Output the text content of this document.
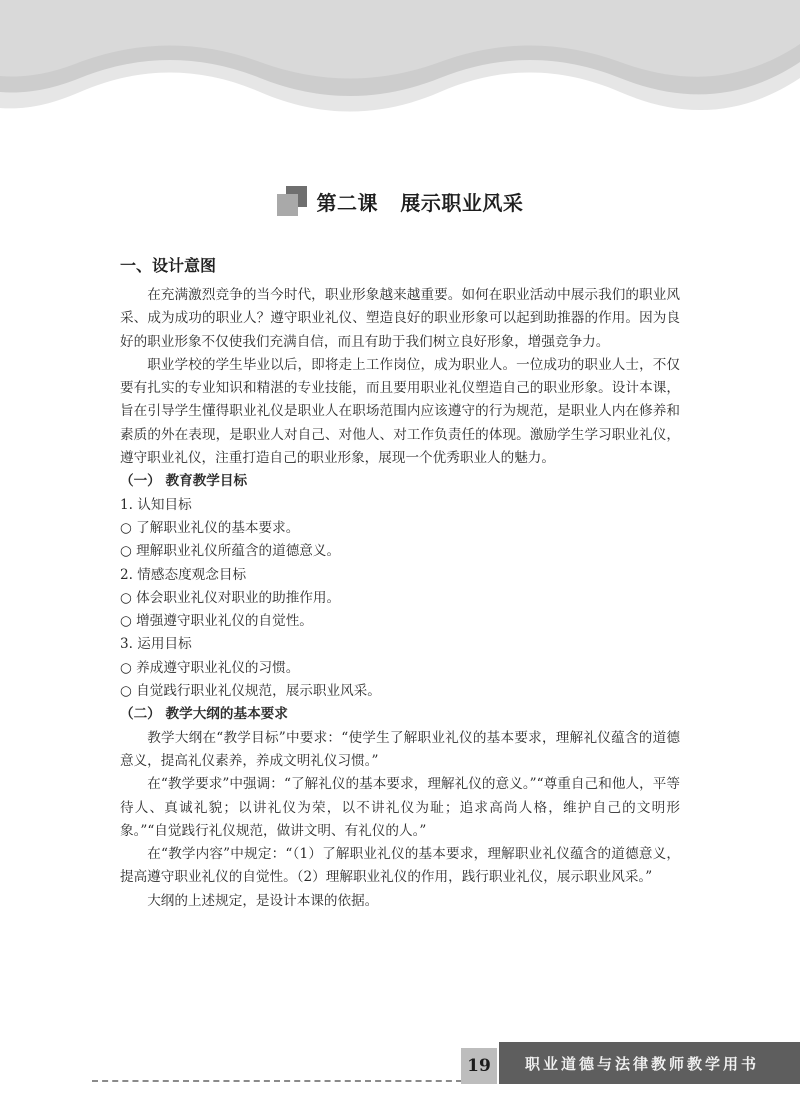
第二课   展示职业风采
一、设计意图

在充满激烈竞争的当今时代，职业形象越来越重要。如何在职业活动中展示我们的职业风采、成为成功的职业人？遵守职业礼仪、塑造良好的职业形象可以起到助推器的作用。因为良好的职业形象不仅使我们充满自信，而且有助于我们树立良好形象，增强竞争力。

职业学校的学生毕业以后，即将走上工作岗位，成为职业人。一位成功的职业人士，不仅要有扎实的专业知识和精湛的专业技能，而且要用职业礼仪塑造自己的职业形象。设计本课，旨在引导学生懂得职业礼仪是职业人在职场范围内应该遵守的行为规范，是职业人内在修养和素质的外在表现，是职业人对自己、对他人、对工作负责任的体现。激励学生学习职业礼仪，遵守职业礼仪，注重打造自己的职业形象，展现一个优秀职业人的魅力。

（一） 教育教学目标
1. 认知目标
○ 了解职业礼仪的基本要求。
○ 理解职业礼仪所蕴含的道德意义。
2. 情感态度观念目标
○ 体会职业礼仪对职业的助推作用。
○ 增强遵守职业礼仪的自觉性。
3. 运用目标
○ 养成遵守职业礼仪的习惯。
○ 自觉践行职业礼仪规范，展示职业风采。
（二） 教学大纲的基本要求

教学大纲在“教学目标”中要求：“使学生了解职业礼仪的基本要求，理解礼仪蕴含的道德意义，提高礼仪素养，养成文明礼仪习惯。”

在“教学要求”中强调：“了解礼仪的基本要求，理解礼仪的意义。”“尊重自己和他人，平等待人、真诚礼貌；以讲礼仪为荣，以不讲礼仪为耻；追求高尚人格，维护自己的文明形象。”“自觉践行礼仪规范，做讲文明、有礼仪的人。”

在“教学内容”中规定：“（1）了解职业礼仪的基本要求，理解职业礼仪蕴含的道德意义，提高遵守职业礼仪的自觉性。（2）理解职业礼仪的作用，践行职业礼仪，展示职业风采。”

大纲的上述规定，是设计本课的依据。

19	职业道德与法律教师教学用书
